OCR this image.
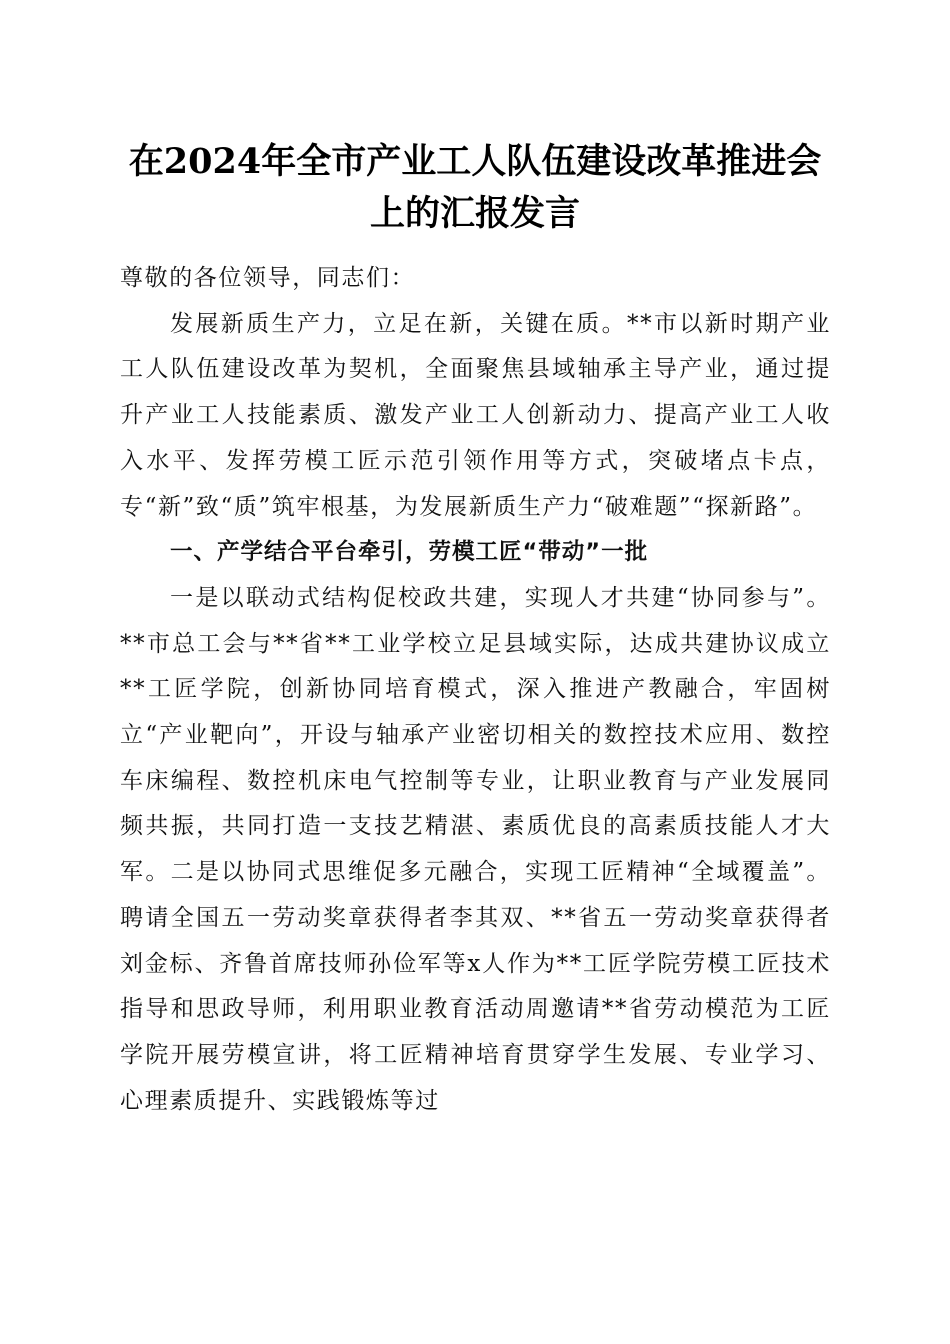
在2024年全市产业工人队伍建设改革推进会
上的汇报发言

尊敬的各位领导，同志们：

发展新质生产力，立足在新，关键在质。**市以新时期产业工人队伍建设改革为契机，全面聚焦县域轴承主导产业，通过提升产业工人技能素质、激发产业工人创新动力、提高产业工人收入水平、发挥劳模工匠示范引领作用等方式，突破堵点卡点，专“新”致“质”筑牢根基，为发展新质生产力“破难题”“探新路”。

一、产学结合平台牵引，劳模工匠“带动”一批

一是以联动式结构促校政共建，实现人才共建“协同参与”。**市总工会与**省**工业学校立足县域实际，达成共建协议成立**工匠学院，创新协同培育模式，深入推进产教融合，牢固树立“产业靶向”，开设与轴承产业密切相关的数控技术应用、数控车床编程、数控机床电气控制等专业，让职业教育与产业发展同频共振，共同打造一支技艺精湛、素质优良的高素质技能人才大军。二是以协同式思维促多元融合，实现工匠精神“全域覆盖”。聘请全国五一劳动奖章获得者李其双、**省五一劳动奖章获得者刘金标、齐鲁首席技师孙俭军等x人作为**工匠学院劳模工匠技术指导和思政导师，利用职业教育活动周邀请**省劳动模范为工匠学院开展劳模宣讲，将工匠精神培育贯穿学生发展、专业学习、心理素质提升、实践锻炼等过
